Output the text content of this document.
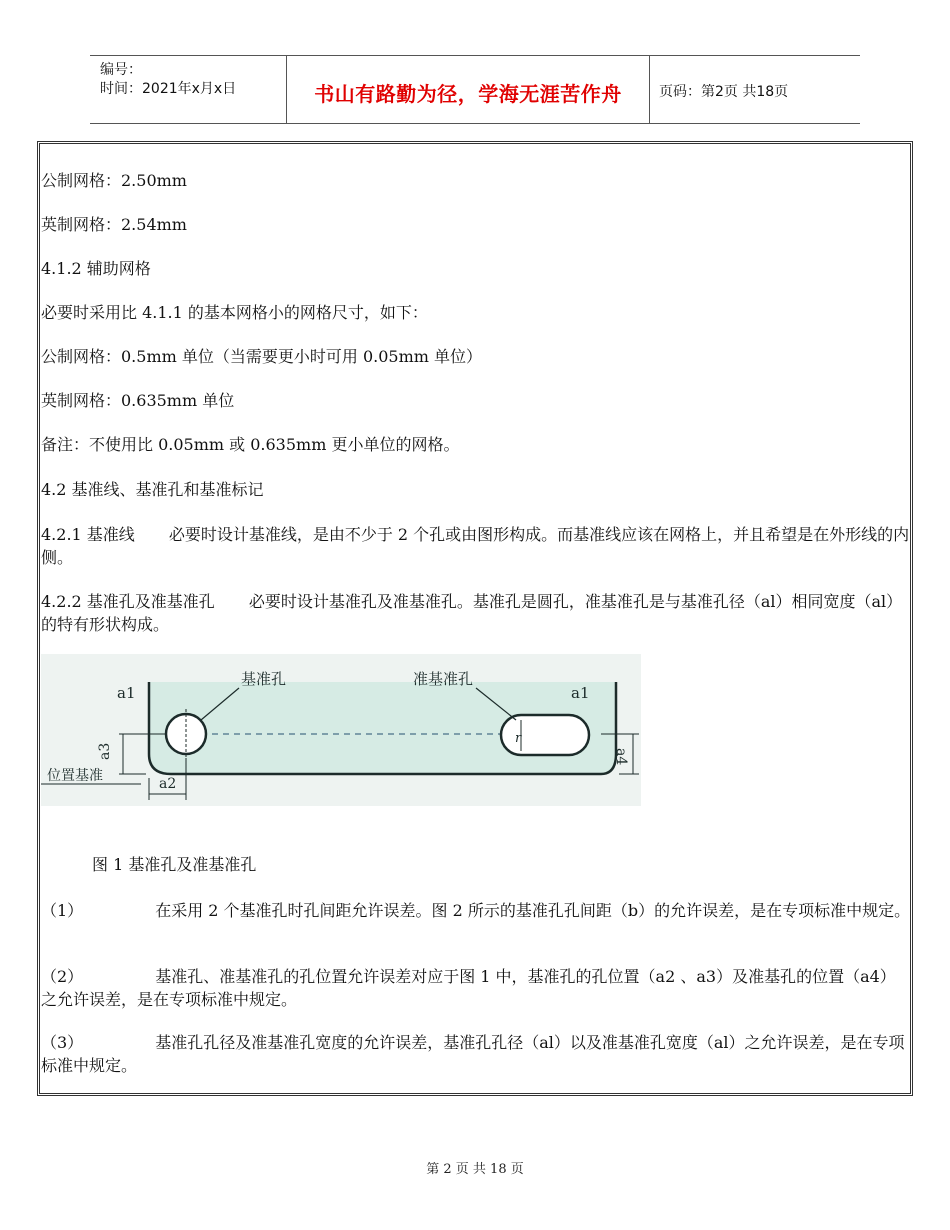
编号：
时间：2021年x月x日	书山有路勤为径，学海无涯苦作舟	页码：第2页 共18页

公制网格：2.50mm

英制网格：2.54mm

4.1.2 辅助网格

必要时采用比 4.1.1 的基本网格小的网格尺寸，如下：

公制网格：0.5mm 单位（当需要更小时可用 0.05mm 单位）

英制网格：0.635mm 单位

备注：不使用比 0.05mm 或 0.635mm 更小单位的网格。

4.2 基准线、基准孔和基准标记

4.2.1 基准线 必要时设计基准线，是由不少于 2 个孔或由图形构成。而基准线应该在网格上，并且希望是在外形线的内侧。

4.2.2 基准孔及准基准孔 必要时设计基准孔及准基准孔。基准孔是圆孔，准基准孔是与基准孔径（al）相同宽度（al）的特有形状构成。

r
基准孔	准基准孔
a1	a1
a3
a2
位置基准
a4

图 1 基准孔及准基准孔

（1）	在采用 2 个基准孔时孔间距允许误差。图 2 所示的基准孔孔间距（b）的允许误差，是在专项标准中规定。

（2）	基准孔、准基准孔的孔位置允许误差对应于图 1 中，基准孔的孔位置（a2 、a3）及准基孔的位置（a4）之允许误差，是在专项标准中规定。

（3）	基准孔孔径及准基准孔宽度的允许误差，基准孔孔径（al）以及准基准孔宽度（al）之允许误差，是在专项标准中规定。

第 2 页 共 18 页
